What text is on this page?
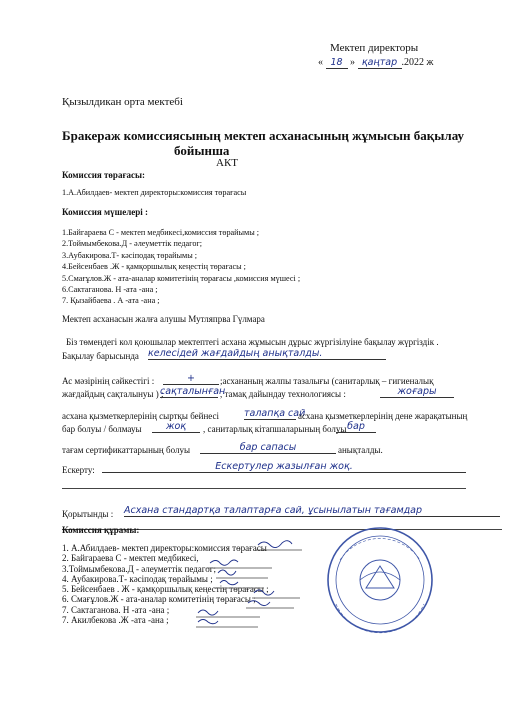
Мектеп директоры
« 18 » қаңтар .2022 ж
Қызылдикан орта мектебі
Бракераж комиссиясының мектеп асханасының жұмысын бақылау
бойынша
АКТ
Комиссия төрағасы:
1.А.Абилдаев- мектеп директоры:комиссия төрағасы
Комиссия мүшелері :
1.Байгараева С - мектеп медбикесі,комиссия төрайымы ;
2.Тоймымбекова.Д - әлеуметтік педагог;
3.Аубакирова.Т- кәсіподақ төрайымы ;
4.Бейсенбаев .Ж - қамқоршылық кеңестің төрағасы ;
5.Смағұлов.Ж - ата-аналар комитетінің төрағасы ,комиссия мүшесі ;
6.Сактаганова. Н -ата -ана ;
7. Қызайбаева . А -ата -ана ;
Мектеп асханасын жалға алушы Мутляпрва Гүлмара
Біз төмендегі кол қоюшылар мектептегі асхана жұмысын дұрыс жүргізілуіне бақылау жүргіздік .
Бақылау барысында келесідей жағдайдың анықталды.
Ас мәзірінің сәйкестігі :	+	;асхананың жалпы тазалығы (санитарлық – гигиеналық
жағдайдың сақталынуы ) ;
сақталынған
, тамақ дайындау технологиясы :	жоғары
асхана қызметкерлерінің сыртқы бейнесі	талапқа сай
асхана қызметкерлерінің дене жарақатының
бар болуы / болмауы	жоқ	, санитарлық кітапшаларының болуы бар
тағам сертификаттарының болуы	бар сапасы	анықталды.
Ескерту:	Ескертулер жазылған жоқ.
Қорытынды : Асхана стандартқа талаптарға сай, ұсынылатын тағамдар
Комиссия құрамы:
1. А.Абилдаев- мектеп директоры:комиссия төрағасы
2. Байгараева С - мектеп медбикесі,
3.Тоймымбекова.Д - әлеуметтік педагог;
4. Аубакирова.Т- кәсіподақ төрайымы ;
5. Бейсенбаев . Ж - қамқоршылық кеңестің төрағасы ;
6. Смағұлов.Ж - ата-аналар комитетінің төрағасы ;
7. Сактаганова. Н -ата -ана ;
7. Акилбекова .Ж -ата -ана ;
